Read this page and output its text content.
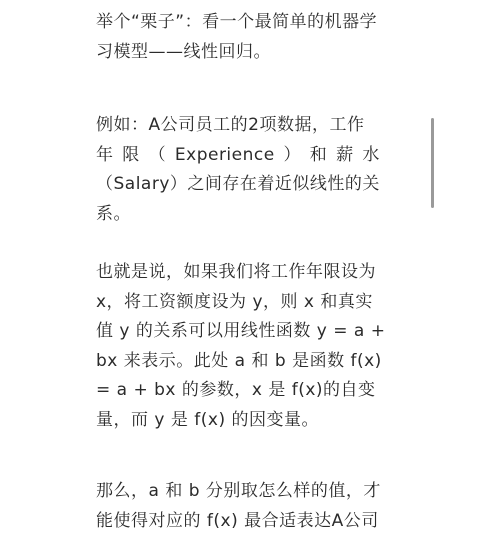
举个“栗子”：看一个最简单的机器学
习模型——线性回归。

例如：A公司员工的2项数据，工作
年 限 （ Experience ） 和 薪 水
（Salary）之间存在着近似线性的关
系。

也就是说，如果我们将工作年限设为
x，将工资额度设为 y，则 x 和真实
值 y 的关系可以用线性函数 y = a +
bx 来表示。此处 a 和 b 是函数 f(x)
= a + bx 的参数，x 是 f(x)的自变
量，而 y 是 f(x) 的因变量。

那么，a 和 b 分别取怎么样的值，才
能使得对应的 f(x) 最合适表达A公司
